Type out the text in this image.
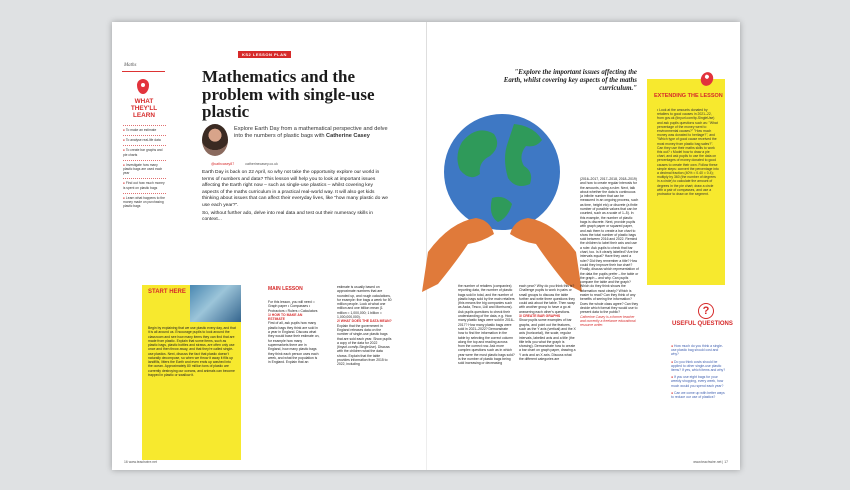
Maths
WHAT THEY'LL LEARN
● To make an estimate
● To analyse real-life data
● To create bar graphs and pie charts
● Investigate how many plastic bags are used each year
● Find out how much money is spent on plastic bags
● Learn what happens to the money made on purchasing plastic bags
KS2 LESSON PLAN
Mathematics and the problem with single-use plastic
Explore Earth Day from a mathematical perspective and delve into the numbers of plastic bags with Catherine Casey
@cathcasey87	catherinecasey.co.uk

Earth Day is back on 22 April, so why not take the opportunity explore our world in terms of numbers and data? This lesson will help you to look at important issues affecting the Earth right now – such as single-use plastics – whilst covering key aspects of the maths curriculum in a practical real-world way. It will also get kids thinking about issues that can affect their everyday lives, like "how many plastic do we use each year?".

So, without further ado, delve into real data and test out their numeracy skills in context...

START HERE
Begin by explaining that we use plastic every day, and that it is all around us. Encourage pupils to look around the classroom and see how many items they can find that are made from plastic. Explain that some items, such as plastic bags, plastic bottles and straws, are often only use once and then throw away, and that they're called single-use plastics. Next, discuss the fact that plastic doesn't naturally decompose, so when we throw it away it fills up landfills, litters the Earth and even ends up washed into the ocean. Approximately 80 million tons of plastic are currently destroying our oceans, and animals can become trapped in plastic or swallow it.
MAIN LESSON
For this lesson, you will need: • Graph paper • Compasses • Protractors • Rulers • Calculators
1/ HOW TO MAKE AN ESTIMATE
First of all, ask pupils how many plastic bags they think are sold in a year in England. Discuss what they would base their estimate on, for example how many supermarkets there are in England, how many plastic bags they think each person uses each week, and what the population is in England. Explain that an
estimate is usually based on approximate numbers that are rounded up, and rough calculations, for example: five bags a week for 50 million people. Look at what one million and one billion mean (1 million = 1,000,000; 1 billion = 1,000,000,000).
2/ WHAT DOES THE DATA MEAN?
Explain that the government in England releases data on the number of single-use plastic bags that are sold each year. Show pupils a copy of the data for 2022 (tinyurl.com/tp-SingleUse). Discuss with the children what the data shows. Explain that the table provides information from 2015 to 2022, including
16 www.teachwire.net	www.teachwire.net | 17
"Explore the important issues affecting the Earth, whilst covering key aspects of the maths curriculum."
the number of retailers (companies) reporting data, the number of plastic bags sold in total, and the number of plastic bags sold by the main retailers (this means the big companies such as Asda, Tesco, Lidl and Morrisons). Ask pupils questions to check their understanding of the data, e.g. How many plastic bags were sold in 2016–2017? How many plastic bags were sold in 2021–2022? Demonstrate how to find the information in the table by selecting the correct column along the top and reading across from the correct row. Ask more complex questions such as in which year were the most plastic bags sold? Is the number of plastic bags being sold increasing or decreasing
each year? Why do you think this is? Challenge pupils to work in pairs or small groups to discuss the table further and write three questions they could ask about the table. Then swap with another group to have a go at answering each other's questions.
3/ CREATE BAR GRAPHS
Show pupils some examples of bar graphs, and point out the features, such as the Y axis (vertical) and the X axis (horizontal), the scale, regular intervals, labelled axis and a title (the title tells you what the graph is showing). Demonstrate how to create a bar chart on graph paper, drawing a Y axis and an X axis. Discuss what the different categories are
(2016–2017, 2017–2018, 2018–2019) and how to create regular intervals for the amounts, using a ruler. Next, talk about whether the data is continuous (a infinite number that can be measured in an ongoing process, such as time, height etc) or discrete (a finite number of possible values that can be counted, such as a scale of 1–5). In this example, the number of plastic bags is discrete. Next, provide pupils with graph paper or squared paper, and ask them to create a bar chart to show the total number of plastic bags sold between 2016 and 2022. Remind the children to label their axis and use a ruler. Ask pupils to check that bar chart, too. Is it clearly labelled? Are the intervals equal? Have they used a ruler? Did they remember a title? How could they improve their bar chart? Finally, discuss which representation of the data the pupils prefer – the table or the graph – and why. Can pupils compare the table and the graph? Which do they think shows the information most clearly? Which is easier to read? Can they think of any benefits of seeing the information? Does the whole class agree? Can they decide which format they would use to present data to the public?
Catherine Casey is a former teacher and currently a freelance educational resource writer.
EXTENDING THE LESSON
• Look at the amounts donated by retailers to good causes in 2021–22, from gov.uk (tinyurl.com/tp-SingleUse) and ask pupils questions such as: "What percentage of the money went to environmental causes?" "How much money was donated to heritage?", and "Which type of good cause received the most money from plastic bag sales?". Can they use their maths skills to work this out? • Model how to draw a pie chart, and ask pupils to use the data on percentages of money donated to good causes to create their own. Follow these simple steps: convert the percentage into a decimal fraction (40% = 0.40 = 0.4); multiply by 360 (the number of degrees in a circle) to calculate the amount of degrees in the pie chart; draw a circle with a pair of compasses, and use a protractor to draw on the segment.
?
USEFUL QUESTIONS
● How much do you think a single-use plastic bag should cost and why?
● Do you think costs should be applied to other single-use plastic items? If yes, which items and why?
● If you use eight bags for your weekly shopping, every week, how much would you spend each year?
● Can we come up with better ways to reduce our use of plastics?
